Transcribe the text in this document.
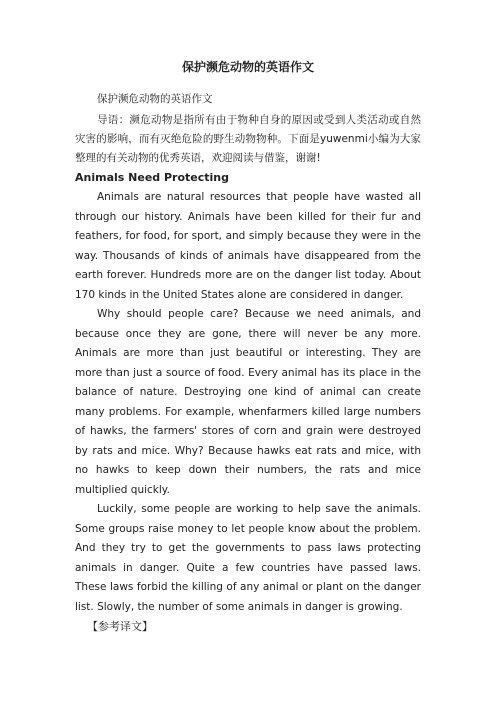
保护濒危动物的英语作文

保护濒危动物的英语作文

导语：濒危动物是指所有由于物种自身的原因或受到人类活动或自然灾害的影响，而有灭绝危险的野生动物物种。下面是yuwenmi小编为大家整理的有关动物的优秀英语，欢迎阅读与借鉴，谢谢!

Animals Need Protecting

Animals are natural resources that people have wasted all through our history. Animals have been killed for their fur and feathers, for food, for sport, and simply because they were in the way. Thousands of kinds of animals have disappeared from the earth forever. Hundreds more are on the danger list today. About 170 kinds in the United States alone are considered in danger.

Why should people care? Because we need animals, and because once they are gone, there will never be any more. Animals are more than just beautiful or interesting. They are more than just a source of food. Every animal has its place in the balance of nature. Destroying one kind of animal can create many problems. For example, whenfarmers killed large numbers of hawks, the farmers' stores of corn and grain were destroyed by rats and mice. Why? Because hawks eat rats and mice, with no hawks to keep down their numbers, the rats and mice multiplied quickly.

Luckily, some people are working to help save the animals. Some groups raise money to let people know about the problem. And they try to get the governments to pass laws protecting animals in danger. Quite a few countries have passed laws. These laws forbid the killing of any animal or plant on the danger list. Slowly, the number of some animals in danger is growing.

【参考译文】
